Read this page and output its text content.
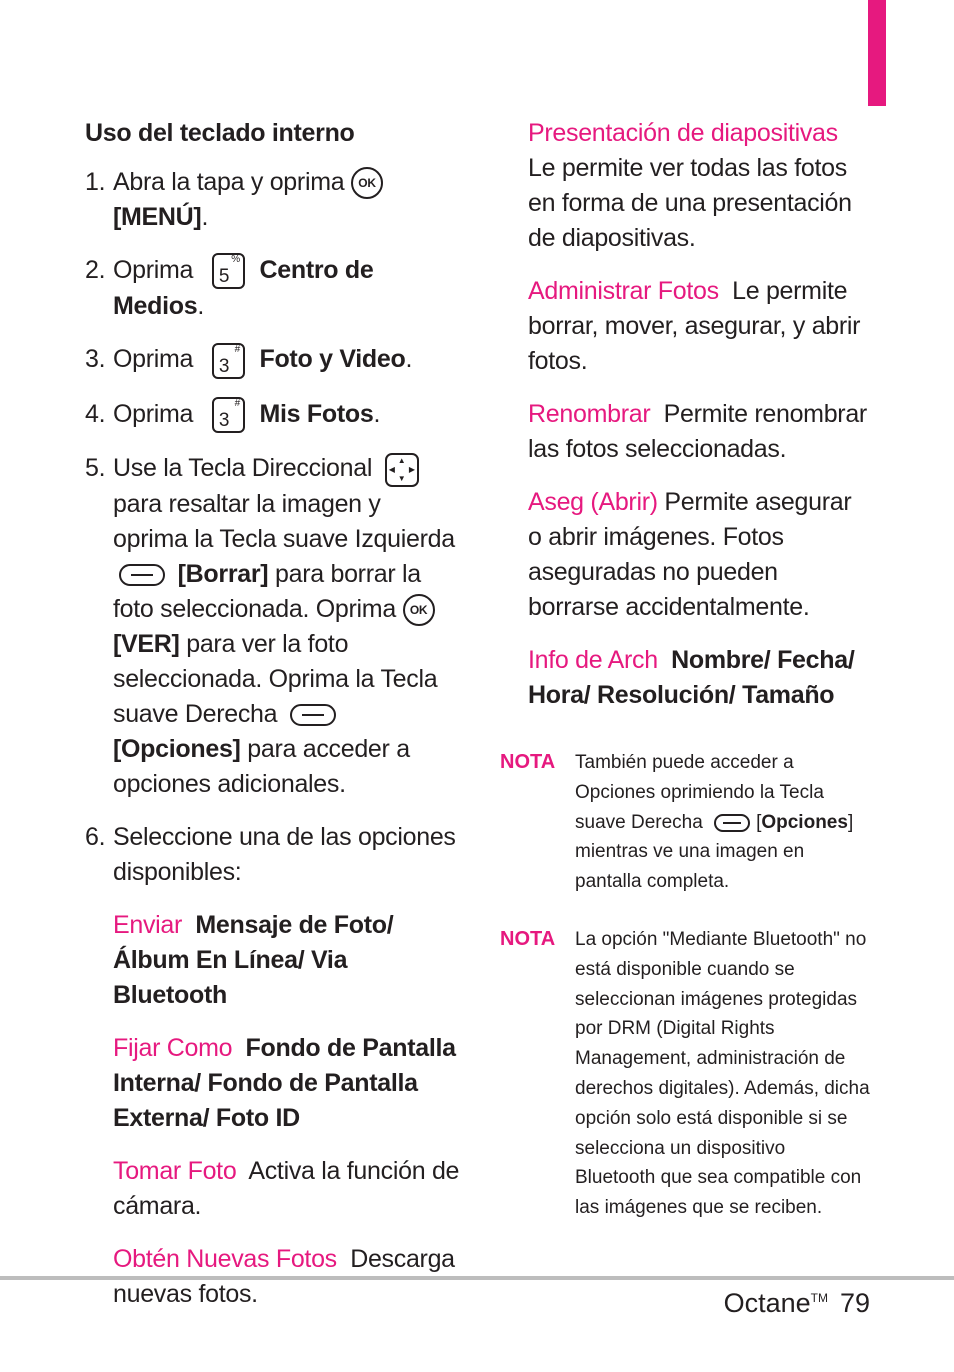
Uso del teclado interno
1. Abra la tapa y oprima OK
[MENÚ].
2. Oprima 5
% Centro de Medios.
3. Oprima 3
# Foto y Video.
4. Oprima 3
# Mis Fotos.
5. Use la Tecla Direccional	▲
▼
◀ ▶
para resaltar la imagen y oprima la Tecla suave Izquierda  [Borrar] para borrar la foto seleccionada. Oprima OK [VER] para ver la foto seleccionada. Oprima la Tecla suave Derecha  [Opciones] para acceder a opciones adicionales.
6. Seleccione una de las opciones disponibles:
Enviar Mensaje de Foto/ Álbum En Línea/ Via Bluetooth
Fijar Como Fondo de Pantalla Interna/ Fondo de Pantalla Externa/ Foto ID
Tomar Foto Activa la función de cámara.
Obtén Nuevas Fotos Descarga nuevas fotos.
Presentación de diapositivas Le permite ver todas las fotos en forma de una presentación de diapositivas.
Administrar Fotos Le permite borrar, mover, asegurar, y abrir fotos.
Renombrar Permite renombrar las fotos seleccionadas.
Aseg (Abrir) Permite asegurar o abrir imágenes. Fotos aseguradas no pueden borrarse accidentalmente.
Info de Arch Nombre/ Fecha/ Hora/ Resolución/ Tamaño
NOTA También puede acceder a Opciones oprimiendo la Tecla suave Derecha	[Opciones] mientras ve una imagen en pantalla completa.
NOTA La opción "Mediante Bluetooth" no está disponible cuando se seleccionan imágenes protegidas por DRM (Digital Rights Management, administración de derechos digitales). Además, dicha opción solo está disponible si se selecciona un dispositivo Bluetooth que sea compatible con las imágenes que se reciben.
Octane™ 79
